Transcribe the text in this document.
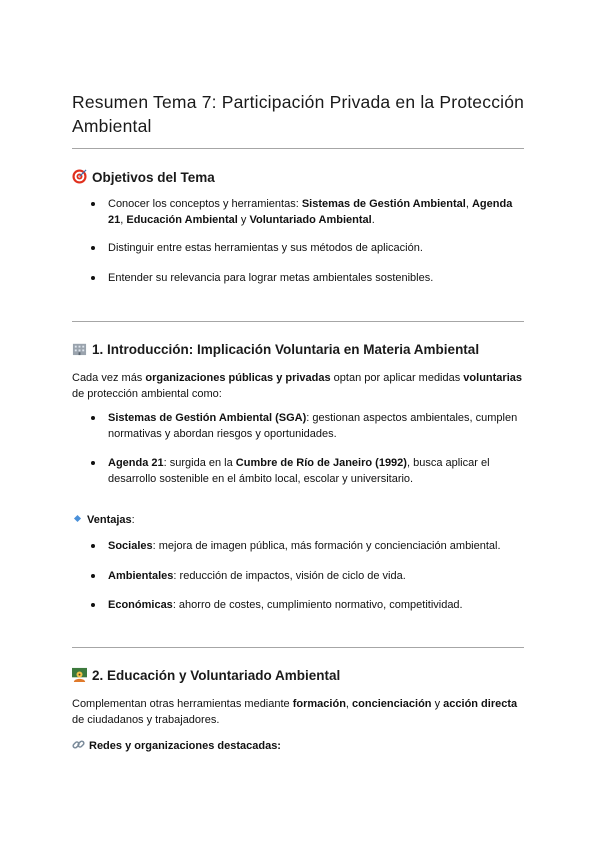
Resumen Tema 7: Participación Privada en la Protección Ambiental
Objetivos del Tema
Conocer los conceptos y herramientas: Sistemas de Gestión Ambiental, Agenda 21, Educación Ambiental y Voluntariado Ambiental.
Distinguir entre estas herramientas y sus métodos de aplicación.
Entender su relevancia para lograr metas ambientales sostenibles.
1. Introducción: Implicación Voluntaria en Materia Ambiental
Cada vez más organizaciones públicas y privadas optan por aplicar medidas voluntarias de protección ambiental como:
Sistemas de Gestión Ambiental (SGA): gestionan aspectos ambientales, cumplen normativas y abordan riesgos y oportunidades.
Agenda 21: surgida en la Cumbre de Río de Janeiro (1992), busca aplicar el desarrollo sostenible en el ámbito local, escolar y universitario.
Ventajas:
Sociales: mejora de imagen pública, más formación y concienciación ambiental.
Ambientales: reducción de impactos, visión de ciclo de vida.
Económicas: ahorro de costes, cumplimiento normativo, competitividad.
2. Educación y Voluntariado Ambiental
Complementan otras herramientas mediante formación, concienciación y acción directa de ciudadanos y trabajadores.
Redes y organizaciones destacadas:
